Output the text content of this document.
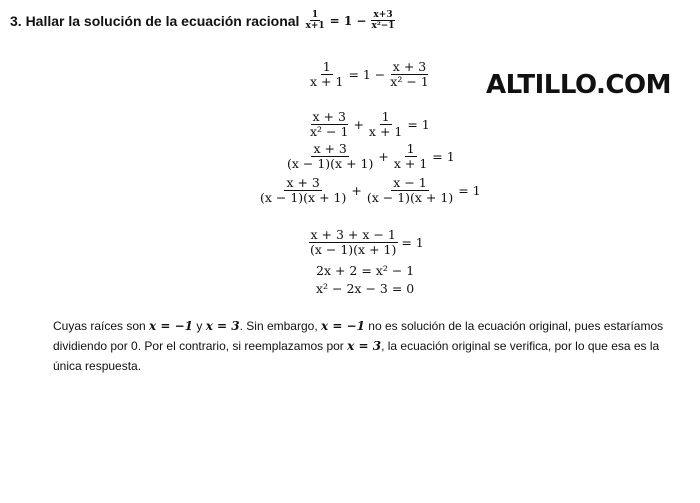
3. Hallar la solución de la ecuación racional $\frac{1}{x+1} = 1 - \frac{x+3}{\text{x²−1}}$
ALTILLO.COM
$\frac{1}{x + 1} = 1 - \frac{x + 3}{\text{x² − 1}}$
$\frac{x + 3}{\text{x² − 1}} + \frac{1}{x + 1} = 1$
$\frac{x + 3}{(x - 1)(x + 1)} + \frac{1}{x + 1} = 1$
$\frac{x + 3}{(x - 1)(x + 1)} + \frac{x - 1}{(x - 1)(x + 1)} = 1$
$\frac{x + 3 + x - 1}{(x - 1)(x + 1)} = 1$
2x + 2 = x² − 1
x² − 2x − 3 = 0
Cuyas raíces son x = −1 y x = 3. Sin embargo, x = −1 no es solución de la ecuación original, pues estaríamos dividiendo por 0. Por el contrario, si reemplazamos por x = 3, la ecuación original se verifica, por lo que esa es la única respuesta.
